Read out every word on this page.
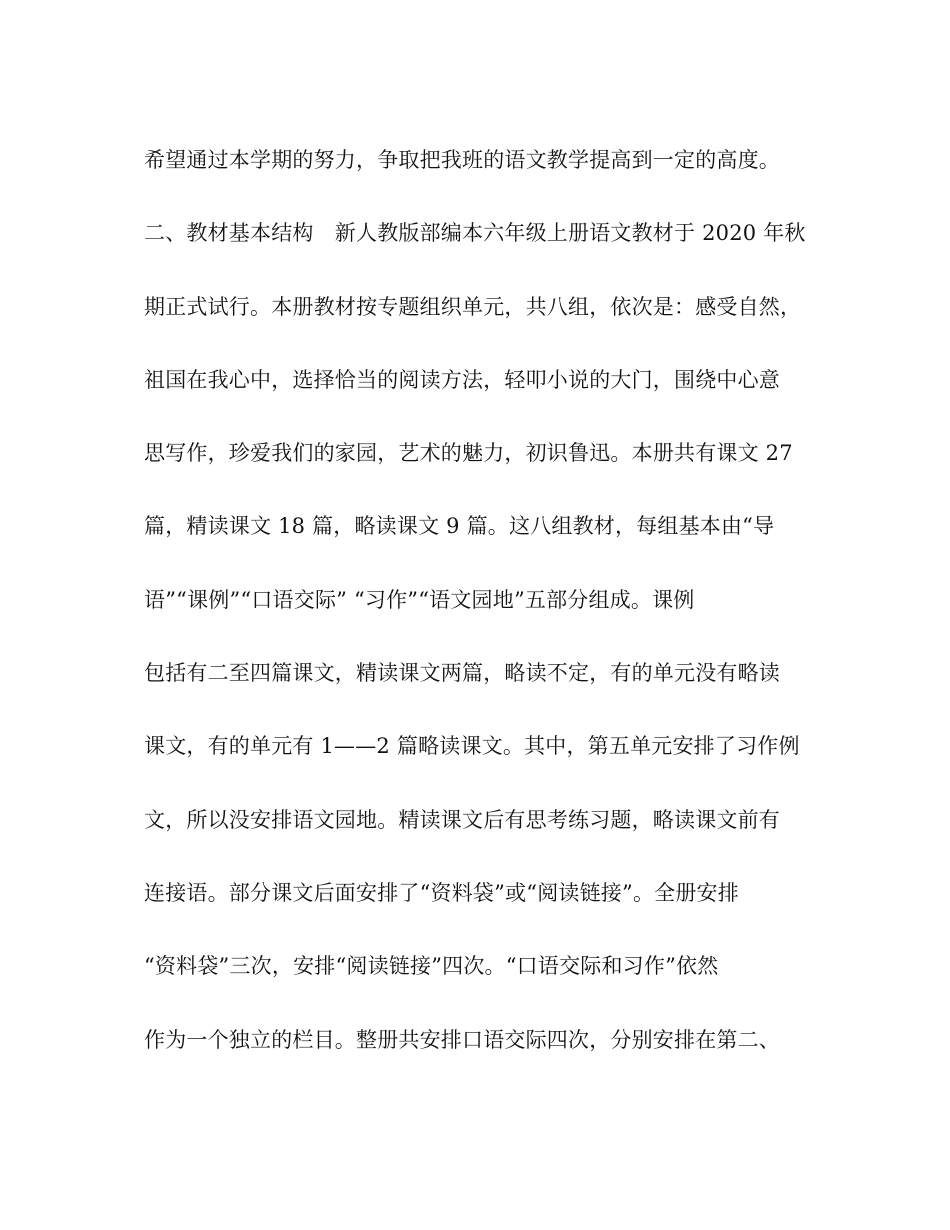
希望通过本学期的努力，争取把我班的语文教学提高到一定的高度。
二、教材基本结构　新人教版部编本六年级上册语文教材于 2020 年秋
期正式试行。本册教材按专题组织单元，共八组，依次是：感受自然，
祖国在我心中，选择恰当的阅读方法，轻叩小说的大门，围绕中心意
思写作，珍爱我们的家园，艺术的魅力，初识鲁迅。本册共有课文 27
篇，精读课文 18 篇，略读课文 9 篇。这八组教材，每组基本由“导
语”“课例”“口语交际” “习作”“语文园地”五部分组成。课例
包括有二至四篇课文，精读课文两篇，略读不定，有的单元没有略读
课文，有的单元有 1——2 篇略读课文。其中，第五单元安排了习作例
文，所以没安排语文园地。精读课文后有思考练习题，略读课文前有
连接语。部分课文后面安排了“资料袋”或“阅读链接”。全册安排
“资料袋”三次，安排“阅读链接”四次。“口语交际和习作”依然
作为一个独立的栏目。整册共安排口语交际四次，分别安排在第二、
